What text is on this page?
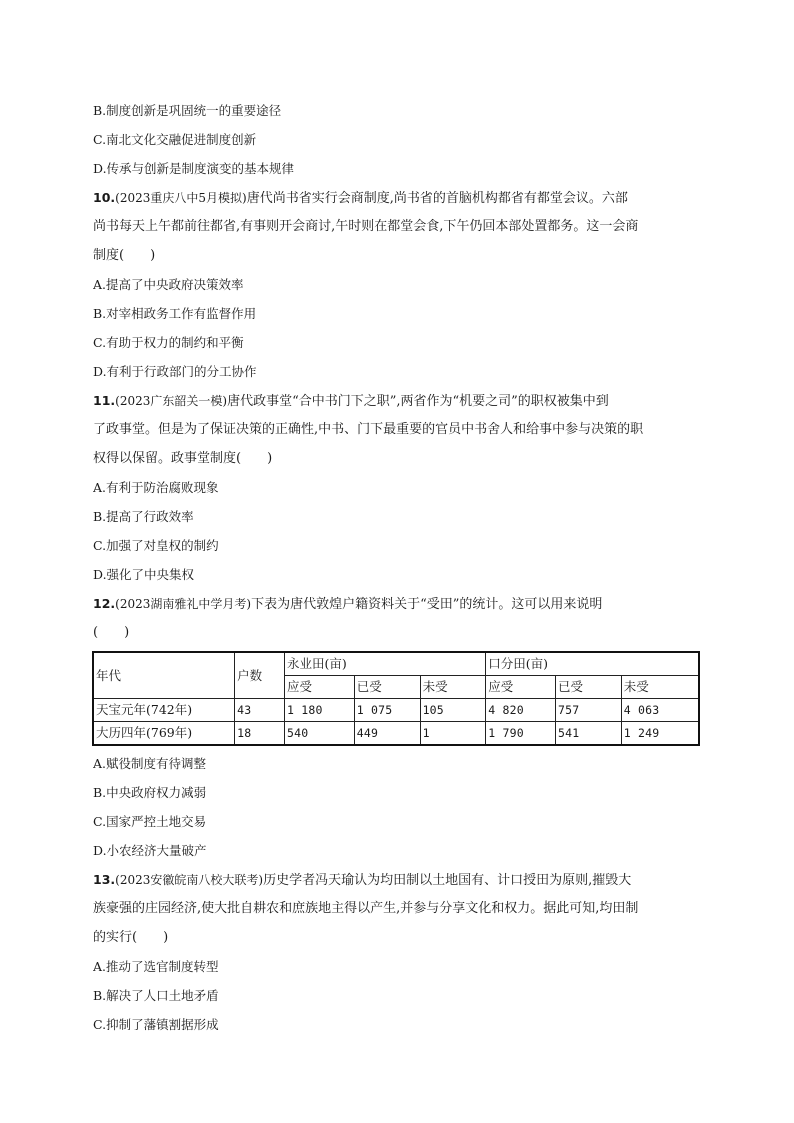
B.制度创新是巩固统一的重要途径
C.南北文化交融促进制度创新
D.传承与创新是制度演变的基本规律
10.(2023重庆八中5月模拟)唐代尚书省实行会商制度,尚书省的首脑机构都省有都堂会议。六部
尚书每天上午都前往都省,有事则开会商讨,午时则在都堂会食,下午仍回本部处置都务。这一会商
制度(　　)
A.提高了中央政府决策效率
B.对宰相政务工作有监督作用
C.有助于权力的制约和平衡
D.有利于行政部门的分工协作
11.(2023广东韶关一模)唐代政事堂“合中书门下之职”,两省作为“机要之司”的职权被集中到
了政事堂。但是为了保证决策的正确性,中书、门下最重要的官员中书舍人和给事中参与决策的职
权得以保留。政事堂制度(　　)
A.有利于防治腐败现象
B.提高了行政效率
C.加强了对皇权的制约
D.强化了中央集权
12.(2023湖南雅礼中学月考)下表为唐代敦煌户籍资料关于“受田”的统计。这可以用来说明
(　　)
年代	户数	永业田(亩)			口分田(亩)		
		应受	已受	未受	应受	已受	未受
天宝元年(742年)	43	1 180	1 075	105	4 820	757	4 063
大历四年(769年)	18	540	449	1	1 790	541	1 249
A.赋役制度有待调整
B.中央政府权力减弱
C.国家严控土地交易
D.小农经济大量破产
13.(2023安徽皖南八校大联考)历史学者冯天瑜认为均田制以土地国有、计口授田为原则,摧毁大
族豪强的庄园经济,使大批自耕农和庶族地主得以产生,并参与分享文化和权力。据此可知,均田制
的实行(　　)
A.推动了选官制度转型
B.解决了人口土地矛盾
C.抑制了藩镇割据形成
